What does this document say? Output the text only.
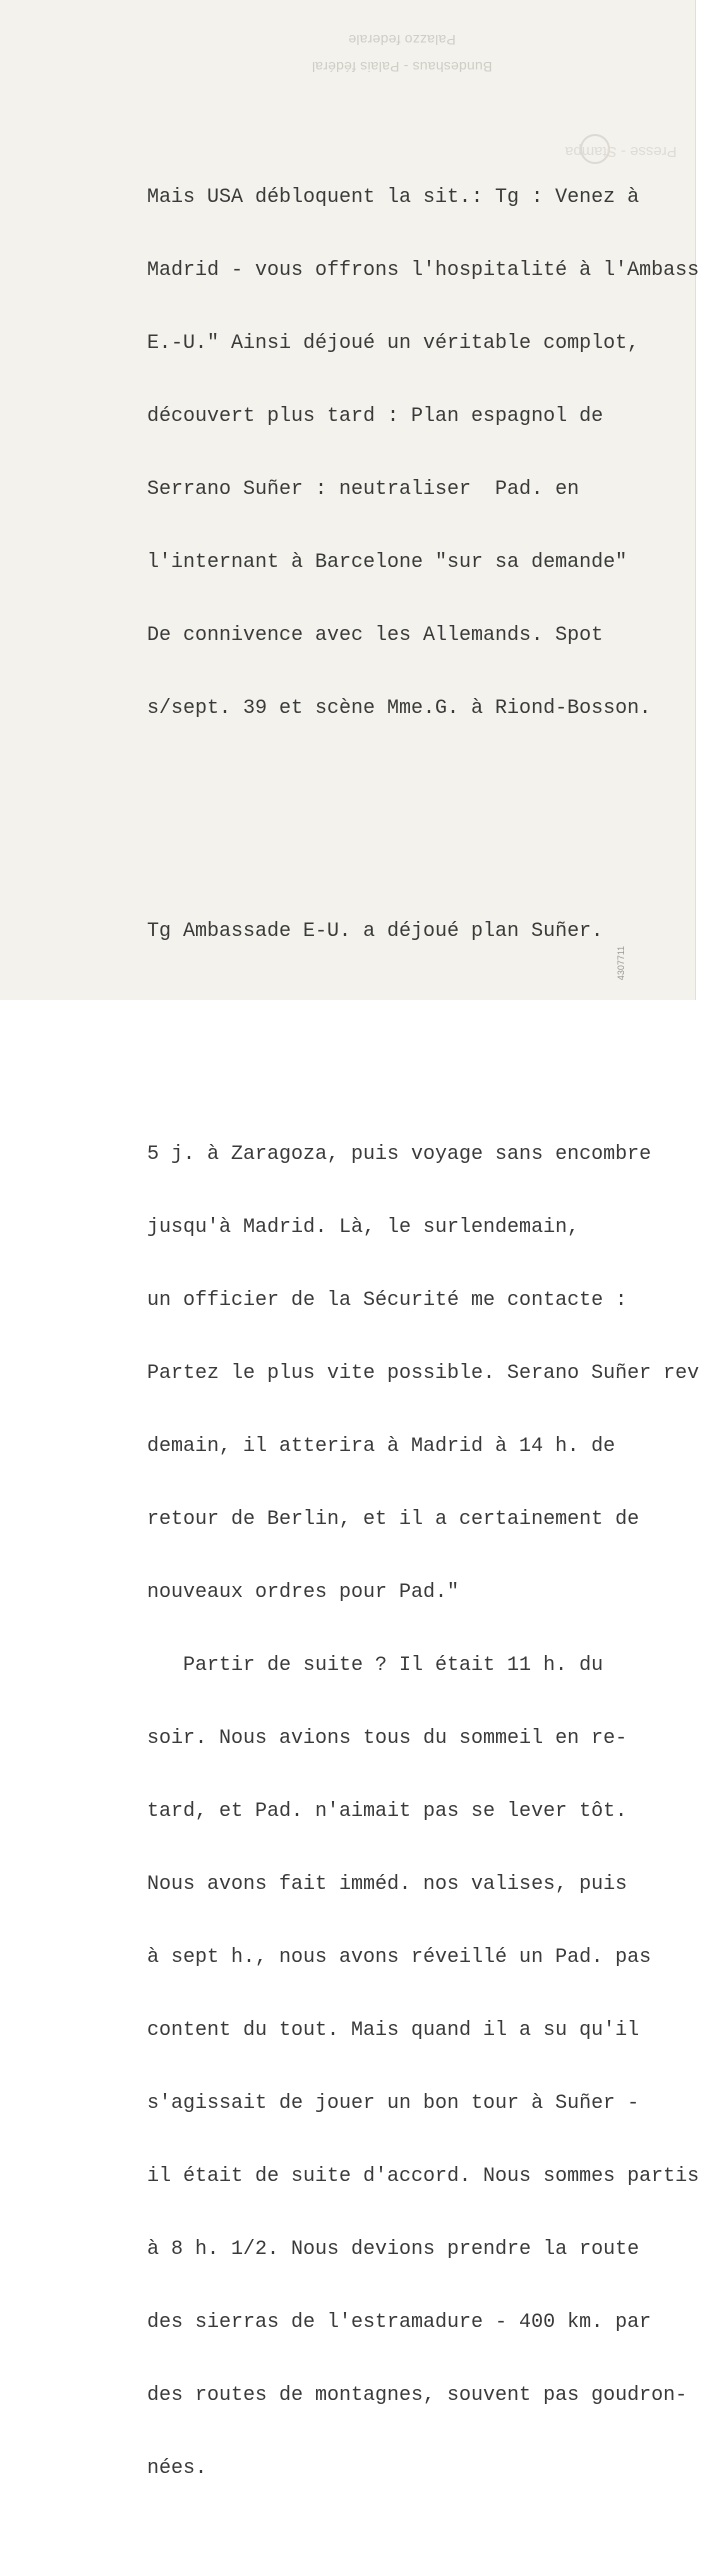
Bundeshaus - Palais fédéral
Palazzo federale
Presse - Stampa

Mais USA débloquent la sit.: Tg : Venez à

Madrid - vous offrons l'hospitalité à l'Ambass

E.-U." Ainsi déjoué un véritable complot,

découvert plus tard : Plan espagnol de

Serrano Suñer : neutraliser  Pad. en

l'internant à Barcelone "sur sa demande"

De connivence avec les Allemands. Spot

s/sept. 39 et scène Mme.G. à Riond-Bosson.

Tg Ambassade E-U. a déjoué plan Suñer.

5 j. à Zaragoza, puis voyage sans encombre

jusqu'à Madrid. Là, le surlendemain,

un officier de la Sécurité me contacte :

Partez le plus vite possible. Serano Suñer rev

demain, il atterira à Madrid à 14 h. de

retour de Berlin, et il a certainement de

nouveaux ordres pour Pad."

Partir de suite ? Il était 11 h. du

soir. Nous avions tous du sommeil en re-

tard, et Pad. n'aimait pas se lever tôt.

Nous avons fait imméd. nos valises, puis

à sept h., nous avons réveillé un Pad. pas

content du tout. Mais quand il a su qu'il

s'agissait de jouer un bon tour à Suñer -

il était de suite d'accord. Nous sommes partis

à 8 h. 1/2. Nous devions prendre la route

des sierras de l'estramadure - 400 km. par

des routes de montagnes, souvent pas goudron-

nées.

4307711
